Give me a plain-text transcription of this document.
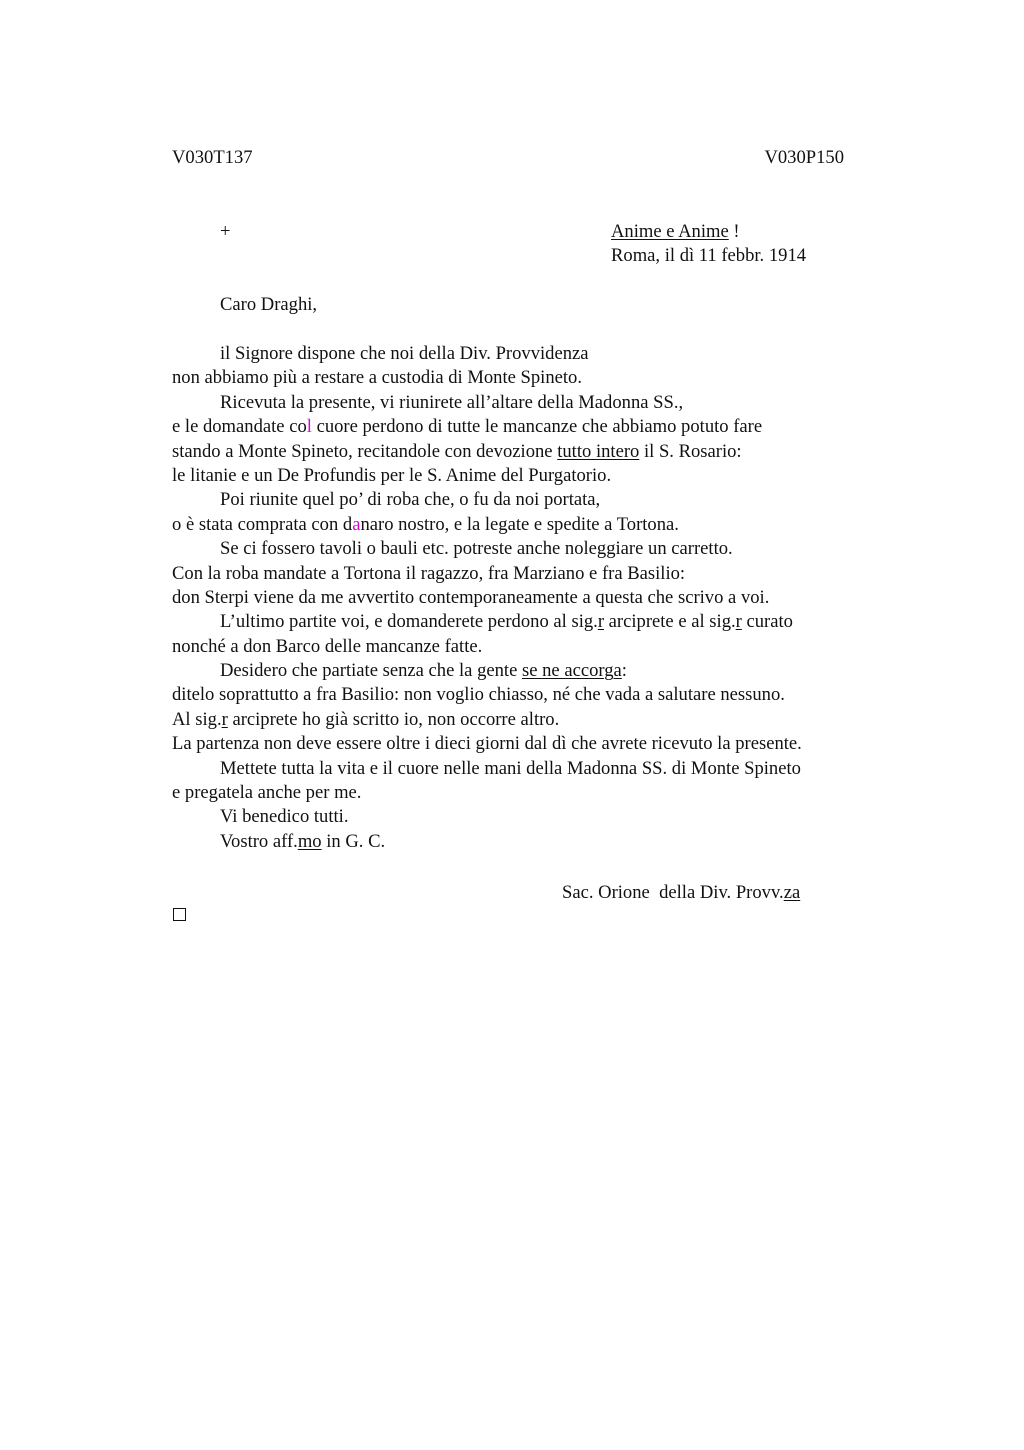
V030T137	V030P150
+	Anime e Anime !
Roma, il dì 11 febbr. 1914
Caro Draghi,
il Signore dispone che noi della Div. Provvidenza
non abbiamo più a restare a custodia di Monte Spineto.
Ricevuta la presente, vi riunirete all’altare della Madonna SS.,
e le domandate col cuore perdono di tutte le mancanze che abbiamo potuto fare
stando a Monte Spineto, recitandole con devozione tutto intero il S. Rosario:
le litanie e un De Profundis per le S. Anime del Purgatorio.
Poi riunite quel po’ di roba che, o fu da noi portata,
o è stata comprata con danaro nostro, e la legate e spedite a Tortona.
Se ci fossero tavoli o bauli etc. potreste anche noleggiare un carretto.
Con la roba mandate a Tortona il ragazzo, fra Marziano e fra Basilio:
don Sterpi viene da me avvertito contemporaneamente a questa che scrivo a voi.
L’ultimo partite voi, e domanderete perdono al sig.r arciprete e al sig.r curato
nonché a don Barco delle mancanze fatte.
Desidero che partiate senza che la gente se ne accorga:
ditelo soprattutto a fra Basilio: non voglio chiasso, né che vada a salutare nessuno.
Al sig.r arciprete ho già scritto io, non occorre altro.
La partenza non deve essere oltre i dieci giorni dal dì che avrete ricevuto la presente.
Mettete tutta la vita e il cuore nelle mani della Madonna SS. di Monte Spineto
e pregatela anche per me.
Vi benedico tutti.
Vostro aff.mo in G. C.
Sac. Orione  della Div. Provv.za
